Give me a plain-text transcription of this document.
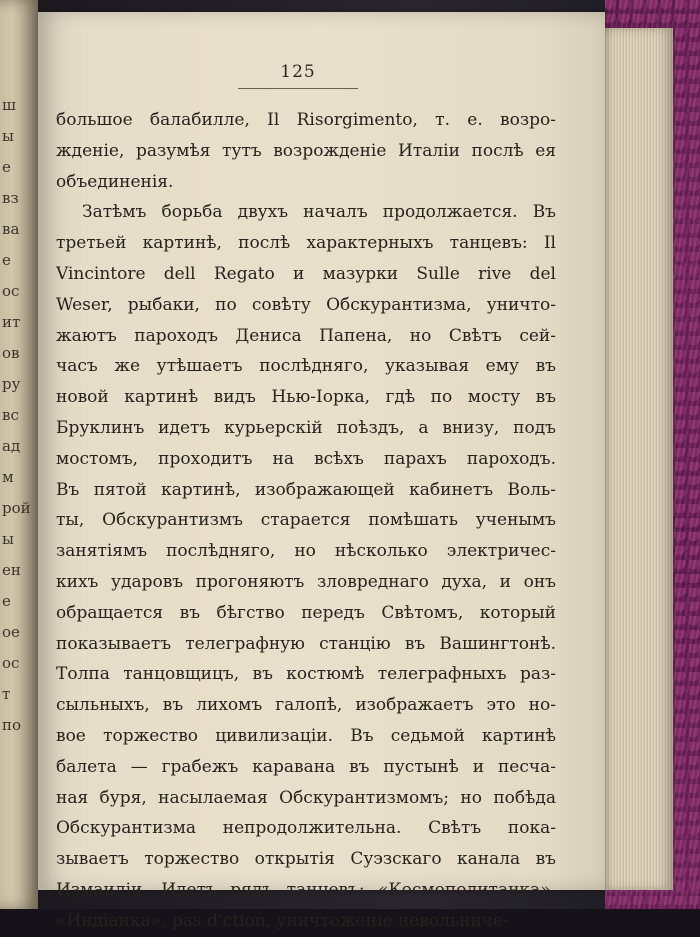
ш
ы
е
вз
ва
е
ос
ит
ов
ру
вс
ад
м
рой
ы
ен
е
ое
ос
т
по
125
большое балабилле, Il Risorgimento, т. е. возро-
жденіе, разумѣя тутъ возрожденіе Италіи послѣ ея
объединенія.
Затѣмъ борьба двухъ началъ продолжается. Въ
третьей картинѣ, послѣ характерныхъ танцевъ: Il
Vincintore dell Regato и мазурки Sulle rive del
Weser, рыбаки, по совѣту Обскурантизма, уничто-
жаютъ пароходъ Дениса Папена, но Свѣтъ сей-
часъ же утѣшаетъ послѣдняго, указывая ему въ
новой картинѣ видъ Нью-Іорка, гдѣ по мосту въ
Бруклинъ идетъ курьерскій поѣздъ, а внизу, подъ
мостомъ, проходитъ на всѣхъ парахъ пароходъ.
Въ пятой картинѣ, изображающей кабинетъ Воль-
ты, Обскурантизмъ старается помѣшать ученымъ
занятіямъ послѣдняго, но нѣсколько электричес-
кихъ ударовъ прогоняютъ зловреднаго духа, и онъ
обращается въ бѣгство передъ Свѣтомъ, который
показываетъ телеграфную станцію въ Вашингтонѣ.
Толпа танцовщицъ, въ костюмѣ телеграфныхъ раз-
сыльныхъ, въ лихомъ галопѣ, изображаетъ это но-
вое торжество цивилизаціи. Въ седьмой картинѣ
балета — грабежъ каравана въ пустынѣ и песча-
ная буря, насылаемая Обскурантизмомъ; но побѣда
Обскурантизма непродолжительна. Свѣтъ пока-
зываетъ торжество открытія Суэзскаго канала въ
Измаиліи. Идетъ рядъ танцевъ: «Космополитанка»,
«Индіанка», pas d'ction, уничтоженіе невольниче-
